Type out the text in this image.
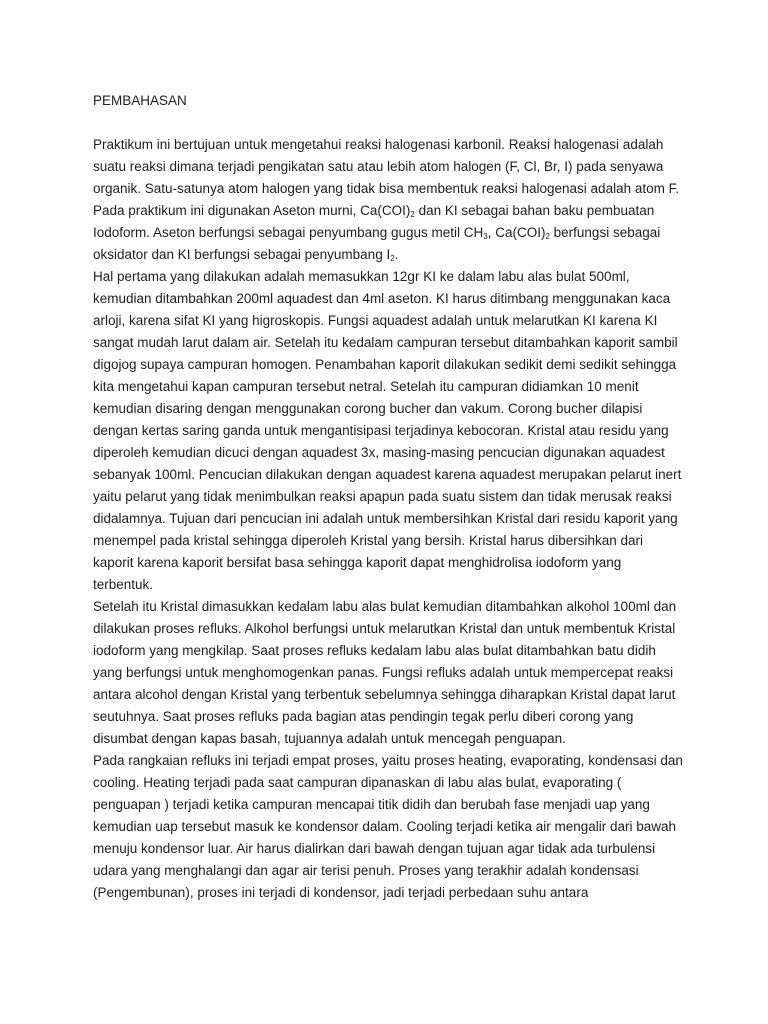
PEMBAHASAN

Praktikum ini bertujuan untuk mengetahui reaksi halogenasi karbonil. Reaksi halogenasi adalah suatu reaksi dimana terjadi pengikatan satu atau lebih atom halogen (F, Cl, Br, I) pada senyawa organik. Satu-satunya atom halogen yang tidak bisa membentuk reaksi halogenasi adalah atom F.

Pada praktikum ini digunakan Aseton murni, $Ca(COI)_2$ dan KI sebagai bahan baku pembuatan Iodoform. Aseton berfungsi sebagai penyumbang gugus metil $CH_3$, $Ca(COI)_2$ berfungsi sebagai oksidator dan KI berfungsi sebagai penyumbang $I_2$.

Hal pertama yang dilakukan adalah memasukkan 12gr KI ke dalam labu alas bulat 500ml, kemudian ditambahkan 200ml aquadest dan 4ml aseton. KI harus ditimbang menggunakan kaca arloji, karena sifat KI yang higroskopis. Fungsi aquadest adalah untuk melarutkan KI karena KI sangat mudah larut dalam air. Setelah itu kedalam campuran tersebut ditambahkan kaporit sambil digojog supaya campuran homogen. Penambahan kaporit dilakukan sedikit demi sedikit sehingga kita mengetahui kapan campuran tersebut netral. Setelah itu campuran didiamkan 10 menit kemudian disaring dengan menggunakan corong bucher dan vakum. Corong bucher dilapisi dengan kertas saring ganda untuk mengantisipasi terjadinya kebocoran. Kristal atau residu yang diperoleh kemudian dicuci dengan aquadest 3x, masing-masing pencucian digunakan aquadest sebanyak 100ml. Pencucian dilakukan dengan aquadest karena aquadest merupakan pelarut inert yaitu pelarut yang tidak menimbulkan reaksi apapun pada suatu sistem dan tidak merusak reaksi didalamnya. Tujuan dari pencucian ini adalah untuk membersihkan Kristal dari residu kaporit yang menempel pada kristal sehingga diperoleh Kristal yang bersih. Kristal harus dibersihkan dari kaporit karena kaporit bersifat basa sehingga kaporit dapat menghidrolisa iodoform yang terbentuk.

Setelah itu Kristal dimasukkan kedalam labu alas bulat kemudian ditambahkan alkohol 100ml dan dilakukan proses refluks. Alkohol berfungsi untuk melarutkan Kristal dan untuk membentuk Kristal iodoform yang mengkilap. Saat proses refluks kedalam labu alas bulat ditambahkan batu didih yang berfungsi untuk menghomogenkan panas. Fungsi refluks adalah untuk mempercepat reaksi antara alcohol dengan Kristal yang terbentuk sebelumnya sehingga diharapkan Kristal dapat larut seutuhnya. Saat proses refluks pada bagian atas pendingin tegak perlu diberi corong yang disumbat dengan kapas basah, tujuannya adalah untuk mencegah penguapan.

Pada rangkaian refluks ini terjadi empat proses, yaitu proses heating, evaporating, kondensasi dan cooling. Heating terjadi pada saat campuran dipanaskan di labu alas bulat, evaporating ( penguapan ) terjadi ketika campuran mencapai titik didih dan berubah fase menjadi uap yang kemudian uap tersebut masuk ke kondensor dalam. Cooling terjadi ketika air mengalir dari bawah menuju kondensor luar. Air harus dialirkan dari bawah dengan tujuan agar tidak ada turbulensi udara yang menghalangi dan agar air terisi penuh. Proses yang terakhir adalah kondensasi (Pengembunan), proses ini terjadi di kondensor, jadi terjadi perbedaan suhu antara
